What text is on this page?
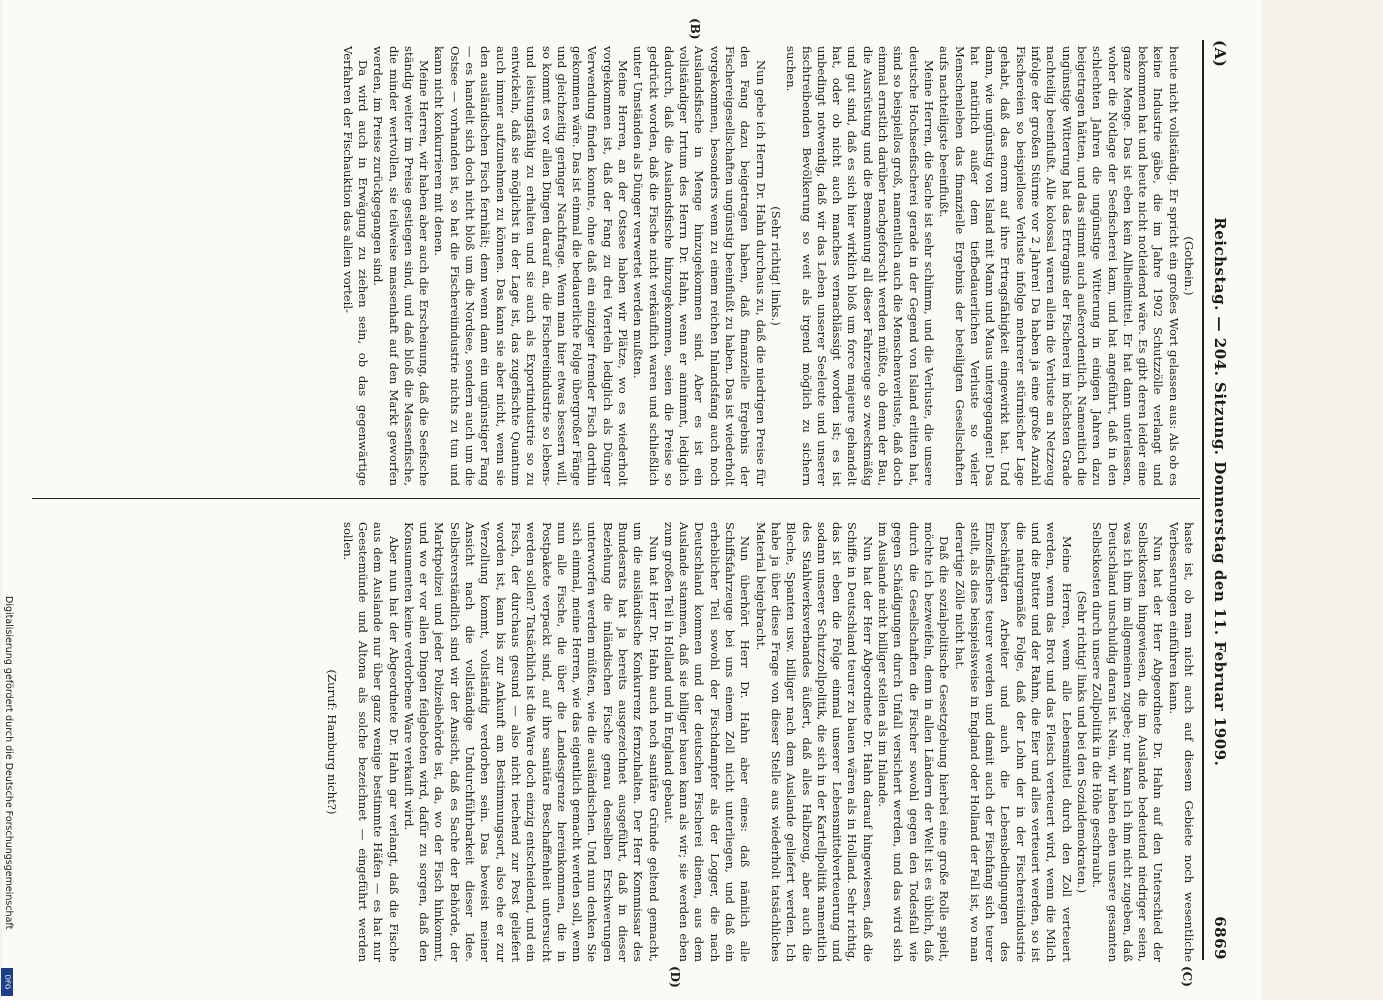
(A)
Reichstag. — 204. Sitzung. Donnerstag den 11. Februar 1909.
6869

(Gothein.)

heute nicht vollständig. Er spricht ein großes Wort gelassen aus: Als ob es keine Industrie gäbe, die im Jahre 1902 Schutzzölle verlangt und bekommen hat und heute nicht notleidend wäre. Es gibt deren leider eine ganze Menge. Das ist eben kein Allheilmittel. Er hat dann unterlassen, woher die Notlage der Seefischerei kam, und hat angeführt, daß in den schlechten Jahren die ungünstige Witterung in einigen Jahren dazu beigetragen hätten, und das stimmt auch außerordentlich. Namentlich die ungünstige Witterung hat das Ertragnis der Fischerei im höchsten Grade nachteilig beeinflußt. Alle kolossal waren allein die Verluste an Netzzeug infolge der großen Stürme vor 2 Jahren! Da haben ja eine große Anzahl Fischereien so beispiellose Verluste infolge mehrerer stürmischer Lage gehabt, daß das enorm auf ihre Ertragsfähigkeit eingewirkt hat. Und dann, wie ungünstig von Island mit Mann und Maus untergegangen! Das hat natürlich außer dem tiefbedauerlichen Verluste so vieler Menschenleben das finanzielle Ergebnis der beteiligten Gesellschaften aufs nachteiligste beeinflußt.

Meine Herren, die Sache ist sehr schlimm, und die Verluste, die unsere deutsche Hochseefischerei gerade in der Gegend von Island erlitten hat, sind so beispiellos groß, namentlich auch die Menschenverluste, daß doch einmal ernstlich darüber nachgeforscht werden müßte, ob denn der Bau, die Ausrüstung und die Bemannung all dieser Fahrzeuge so zweckmäßig und gut sind, daß es sich hier wirklich bloß um force majeure gehandelt hat, oder ob nicht auch manches vernachlässigt worden ist; es ist unbedingt notwendig, daß wir das Leben unserer Seeleute und unserer fischtreibenden Bevölkerung so weit als irgend möglich zu sichern suchen.

(Sehr richtig! links.)

Nun gebe ich Herrn Dr. Hahn durchaus zu, daß die niedrigen Preise für den Fang dazu beigetragen haben, daß finanzielle Ergebnis der Fischereigesellschaften ungünstig beeinflußt zu haben. Das ist wiederholt vorgekommen, besonders wenn zu einem reichen Inlandsfang auch noch Auslandsfische in Menge hinzugekommen sind. Aber es ist ein vollständiger Irrtum des Herrn Dr. Hahn, wenn er annimmt, lediglich dadurch, daß die Auslandsfische hinzugekommen, seien die Preise so gedrückt worden, daß die Fische nicht verkäuflich waren und schließlich unter Umständen als Dünger verwertet werden mußten.

Meine Herren, an der Ostsee haben wir Plätze, wo es wiederholt vorgekommen ist, daß der Fang zu drei Vierteln lediglich als Dünger Verwendung finden konnte, ohne daß ein einziger fremder Fisch dorthin gekommen wäre. Das ist einmal die bedauerliche Folge übergroßer Fänge und gleichzeitig geringer Nachfrage. Wenn man hier etwas bessern will, so kommt es vor allen Dingen darauf an, die Fischereiindustrie so lebens- und leistungsfähig zu erhalten und sie auch als Exportindustrie so zu entwickeln, daß sie möglichst in der Lage ist, das zugefischte Quantum auch immer aufzunehmen zu können. Das kann sie aber nicht, wenn sie den ausländischen Fisch fernhält; denn wenn dann ein ungünstiger Fang — es handelt sich doch nicht bloß um die Nordsee, sondern auch um die Ostsee — vorhanden ist, so hat die Fischereiindustrie nichts zu tun und kann nicht konkurrieren mit denen.

Meine Herren, wir haben aber auch die Erscheinung, daß die Seefische ständig weiter im Preise gestiegen sind, und daß bloß die Massenfische, die minder wertvollen, sie teilweise massenhaft auf den Markt geworfen werden, im Preise zurückgegangen sind.

Da wird auch in Erwägung zu ziehen sein, ob das gegenwärtige Verfahren der Fischauktion das allein vorteil-

(B)

haste ist, ob man nicht auch auf diesem Gebiete noch wesentliche Verbesserungen einführen kann.

Nun hat der Herr Abgeordnete Dr. Hahn auf den Unterschied der Selbstkosten hingewiesen, die im Auslande bedeutend niedriger seien, was ich ihm im allgemeinen zugebe; nur kann ich ihm nicht zugeben, daß Deutschland unschuldig daran ist. Nein, wir haben eben unsere gesamten Selbstkosten durch unsere Zollpolitik in die Höhe geschraubt.

(Sehr richtig! links und bei den Sozialdemokraten.)

Meine Herren, wenn alle Lebensmittel durch den Zoll verteuert werden, wenn das Brot und das Fleisch verteuert wird, wenn die Milch und die Butter und der Rahm, die Eier und alles verteuert werden, so ist die naturgemäße Folge, daß der Lohn der in der Fischereiindustrie beschäftigten Arbeiter und auch die Lebensbedingungen des Einzelfischers teurer werden und damit auch der Fischfang sich teurer stellt, als dies beispielsweise in England oder Holland der Fall ist, wo man derartige Zölle nicht hat.

Daß die sozialpolitische Gesetzgebung hierbei eine große Rolle spielt, möchte ich bezweifeln, denn in allen Ländern der Welt ist es üblich, daß durch die Gesellschaften die Fischer sowohl gegen den Todesfall wie gegen Schädigungen durch Unfall versichert werden, und das wird sich im Auslande nicht billiger stellen als im Inlande.

Nun hat der Herr Abgeordnete Dr. Hahn darauf hingewiesen, daß die Schiffe in Deutschland teurer zu bauen wären als in Holland. Sehr richtig, das ist eben die Folge einmal unserer Lebensmittelverteuerung und sodann unserer Schutzzollpolitik, die sich in der Kartellpolitik namentlich des Stahlwerksverbandes äußert, daß alles Halbzeug, aber auch die Bleche, Spanten usw. billiger nach dem Auslande geliefert werden. Ich habe ja über diese Frage von dieser Stelle aus wiederholt tatsächliches Material beigebracht.

Nun überhört Herr Dr. Hahn aber eines: daß nämlich alle Schiffsfahrzeuge bei uns einem Zoll nicht unterliegen, und daß ein erheblicher Teil sowohl der Fischdampfer als der Logger, die nach Deutschland kommen und der deutschen Fischerei dienen, aus dem Auslande stammen, daß sie billiger bauen kann als wir; sie werden eben zum großen Teil in Holland und in England gebaut.

Nun hat Herr Dr. Hahn auch noch sanitäre Gründe geltend gemacht, um die ausländische Konkurrenz fernzuhalten. Der Herr Kommissar des Bundesrats hat ja bereits ausgezeichnet ausgeführt, daß in dieser Beziehung die inländischen Fische genau denselben Erschwerungen unterworfen werden müßten, wie die ausländischen. Und nun denken Sie sich einmal, meine Herren, wie das eigentlich gemacht werden soll, wenn nun alle Fische, die über die Landesgrenze hereinkommen, die in Postpakete verpackt sind, auf ihre sanitäre Beschaffenheit untersucht werden sollen? Tatsächlich ist die Ware doch einzig entscheidend, und ein Fisch, der durchaus gesund — also nicht riechend zur Post geliefert worden ist, kann bis zur Ankunft am Bestimmungsort, also ehe er zur Verzollung kommt, vollständig verdorben sein. Das beweist meiner Ansicht nach die vollständige Undurchführbarkeit dieser Idee. Selbstverständlich sind wir der Ansicht, daß es Sache der Behörde, der Marktpolizei und jeder Polizeibehörde ist, da, wo der Fisch hinkommt, und wo er vor allen Dingen feilgeboten wird, dafür zu sorgen, daß den Konsumenten keine verdorbene Ware verkauft wird.

Aber nun hat der Abgeordnete Dr. Hahn gar verlangt, daß die Fische aus dem Auslande nur über ganz wenige bestimmte Häfen — es hat nur Geestemünde und Altona als solche bezeichnet — eingeführt werden sollen.

(Zuruf: Hamburg nicht?)

(C)
(D)
Digitalisierung gefördert durch die Deutsche Forschungsgemeinschaft
DFG
